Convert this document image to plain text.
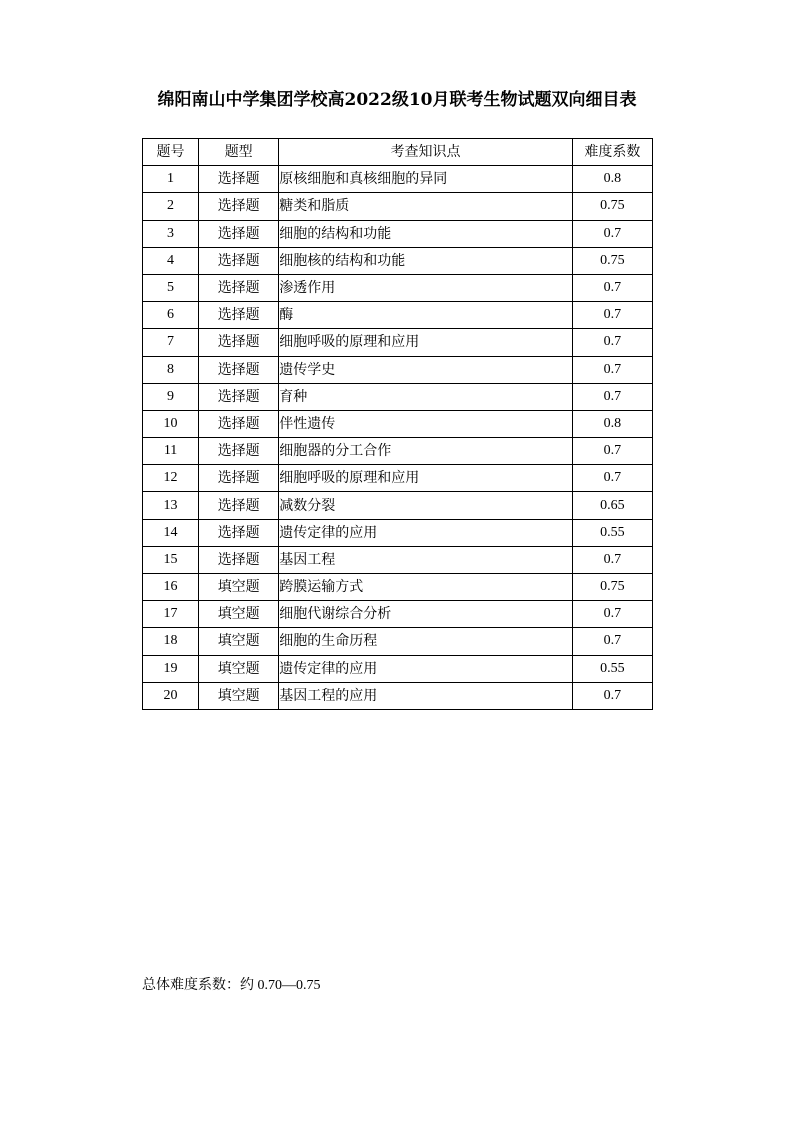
绵阳南山中学集团学校高2022级10月联考生物试题双向细目表
题号	题型	考查知识点	难度系数
1	选择题	原核细胞和真核细胞的异同	0.8
2	选择题	糖类和脂质	0.75
3	选择题	细胞的结构和功能	0.7
4	选择题	细胞核的结构和功能	0.75
5	选择题	渗透作用	0.7
6	选择题	酶	0.7
7	选择题	细胞呼吸的原理和应用	0.7
8	选择题	遗传学史	0.7
9	选择题	育种	0.7
10	选择题	伴性遗传	0.8
11	选择题	细胞器的分工合作	0.7
12	选择题	细胞呼吸的原理和应用	0.7
13	选择题	减数分裂	0.65
14	选择题	遗传定律的应用	0.55
15	选择题	基因工程	0.7
16	填空题	跨膜运输方式	0.75
17	填空题	细胞代谢综合分析	0.7
18	填空题	细胞的生命历程	0.7
19	填空题	遗传定律的应用	0.55
20	填空题	基因工程的应用	0.7
总体难度系数：约 0.70—0.75
